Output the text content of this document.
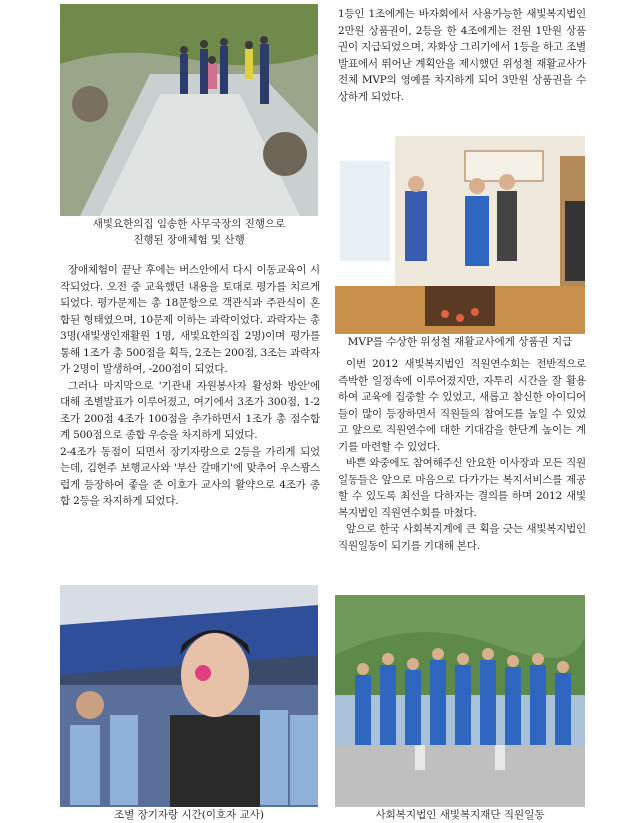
새빛요한의집 임송한 사무국장의 진행으로
진행된 장애체험 및 산행

장애체험이 끝난 후에는 버스안에서 다시 이동교육이 시작되었다. 오전 중 교육했던 내용을 토대로 평가를 치르게 되었다. 평가문제는 총 18문항으로 객관식과 주관식이 혼합된 형태였으며, 10문제 이하는 과락이었다. 과락자는 총 3명(새빛생인재활원 1명, 새빛요한의집 2명)이며 평가를 통해 1조가 총 500점을 획득, 2조는 200점, 3조는 과락자가 2명이 발생하여, -200점이 되었다.

그러나 마지막으로 '기관내 자원봉사자 활성화 방안'에 대해 조별발표가 이루어졌고, 여기에서 3조가 300점, 1-2조가 200점 4조가 100점을 추가하면서 1조가 총 점수합계 500점으로 종합 우승을 차지하게 되었다.

2-4조가 동점이 되면서 장기자랑으로 2등을 가리게 되었는데, 김현주 보행교사와 '부산 갈매기'에 맞추어 우스꽝스럽게 등장하여 좋을 준 이호가 교사의 활약으로 4조가 종합 2등을 차지하게 되었다.

조별 장기자랑 시간(이호자 교사)

1등인 1조에게는 바자회에서 사용가능한 새빛복지법인 2만원 상품권이, 2등을 한 4조에게는 전원 1만원 상품권이 지급되었으며, 자화상 그리기에서 1등을 하고 조별발표에서 뛰어난 계획안을 제시했던 위성철 재활교사가 전체 MVP의 영예를 차지하게 되어 3만원 상품권을 수상하게 되었다.

MVP를 수상한 위성철 재활교사에게 상품권 지급

이번 2012 새빛복지법인 직원연수회는 전반적으로 즉박한 일정속에 이루어졌지만, 자투리 시간을 잘 활용하여 교육에 집중할 수 있었고, 새롭고 참신한 아이디어들이 많이 등장하면서 직원들의 참여도를 높일 수 있었고 앞으로 직원연수에 대한 기대감을 한단계 높이는 계기를 마련할 수 있었다.

바쁜 와중에도 참여해주신 안요한 이사장과 모든 직원 일동들은 앞으로 마음으로 다가가는 복지서비스를 제공할 수 있도록 최선을 다하자는 결의를 하며 2012 새빛복지법인 직원연수회를 마쳤다.

앞으로 한국 사회복지계에 큰 획을 긋는 새빛복지법인 직원일동이 되기를 기대해 본다.

사회복지법인 새빛복지재단 직원일동
